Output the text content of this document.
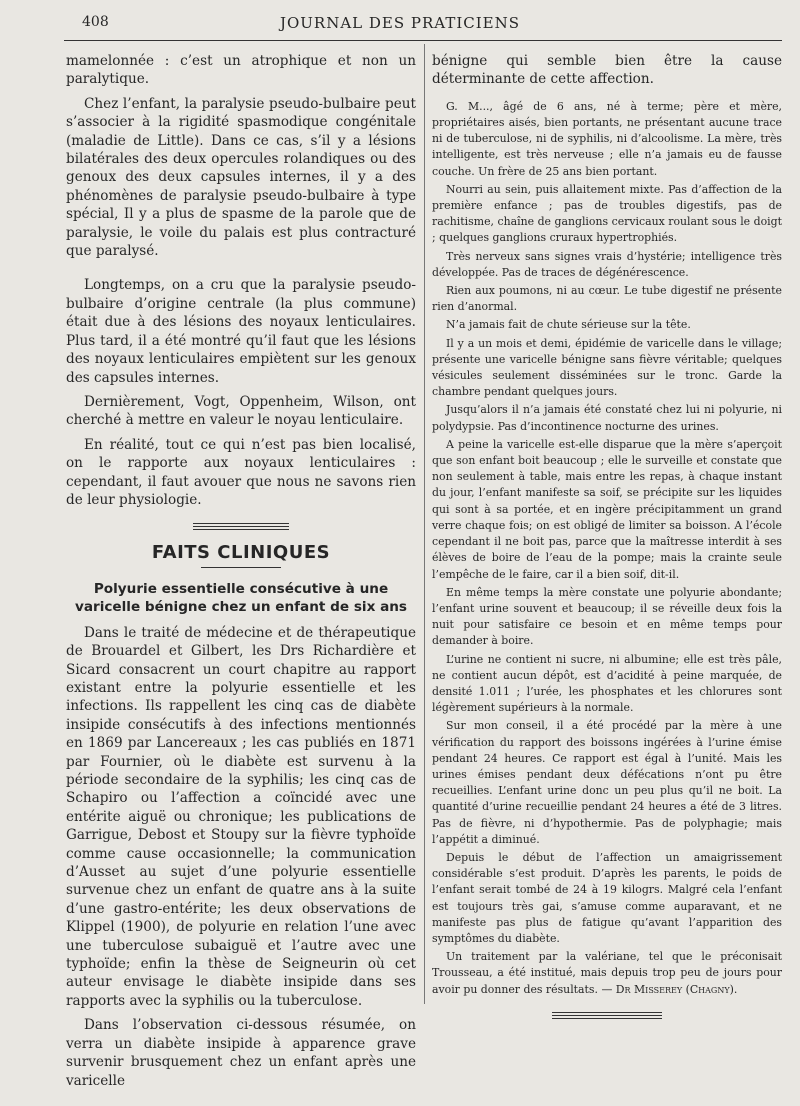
408	JOURNAL DES PRATICIENS

mamelonnée : c’est un atrophique et non un paralytique.

Chez l’enfant, la paralysie pseudo-bulbaire peut s’associer à la rigidité spasmodique congénitale (maladie de Little). Dans ce cas, s’il y a lésions bilatérales des deux opercules rolandiques ou des genoux des deux capsules internes, il y a des phénomènes de paralysie pseudo-bulbaire à type spécial, Il y a plus de spasme de la parole que de paralysie, le voile du palais est plus contracturé que paralysé.

Longtemps, on a cru que la paralysie pseudo-bulbaire d’origine centrale (la plus commune) était due à des lésions des noyaux lenticulaires. Plus tard, il a été montré qu’il faut que les lésions des noyaux lenticulaires empiètent sur les genoux des capsules internes.

Dernièrement, Vogt, Oppenheim, Wilson, ont cherché à mettre en valeur le noyau lenticulaire.

En réalité, tout ce qui n’est pas bien localisé, on le rapporte aux noyaux lenticulaires : cependant, il faut avouer que nous ne savons rien de leur physiologie.

FAITS CLINIQUES
Polyurie essentielle consécutive à une varicelle bénigne chez un enfant de six ans

Dans le traité de médecine et de thérapeutique de Brouardel et Gilbert, les Drs Richardière et Sicard consacrent un court chapitre au rapport existant entre la polyurie essentielle et les infections. Ils rappellent les cinq cas de diabète insipide consécutifs à des infections mentionnés en 1869 par Lancereaux ; les cas publiés en 1871 par Fournier, où le diabète est survenu à la période secondaire de la syphilis; les cinq cas de Schapiro ou l’affection a coïncidé avec une entérite aiguë ou chronique; les publications de Garrigue, Debost et Stoupy sur la fièvre typhoïde comme cause occasionnelle; la communication d’Ausset au sujet d’une polyurie essentielle survenue chez un enfant de quatre ans à la suite d’une gastro-entérite; les deux observations de Klippel (1900), de polyurie en relation l’une avec une tuberculose subaiguë et l’autre avec une typhoïde; enfin la thèse de Seigneurin où cet auteur envisage le diabète insipide dans ses rapports avec la syphilis ou la tuberculose.

Dans l’observation ci-dessous résumée, on verra un diabète insipide à apparence grave survenir brusquement chez un enfant après une varicelle

bénigne qui semble bien être la cause déterminante de cette affection.

G. M..., âgé de 6 ans, né à terme; père et mère, propriétaires aisés, bien portants, ne présentant aucune trace ni de tuberculose, ni de syphilis, ni d’alcoolisme. La mère, très intelligente, est très nerveuse ; elle n’a jamais eu de fausse couche. Un frère de 25 ans bien portant.

Nourri au sein, puis allaitement mixte. Pas d’affection de la première enfance ; pas de troubles digestifs, pas de rachitisme, chaîne de ganglions cervicaux roulant sous le doigt ; quelques ganglions cruraux hypertrophiés.

Très nerveux sans signes vrais d’hystérie; intelligence très développée. Pas de traces de dégénérescence.

Rien aux poumons, ni au cœur. Le tube digestif ne présente rien d’anormal.

N’a jamais fait de chute sérieuse sur la tête.

Il y a un mois et demi, épidémie de varicelle dans le village; présente une varicelle bénigne sans fièvre véritable; quelques vésicules seulement disséminées sur le tronc. Garde la chambre pendant quelques jours.

Jusqu’alors il n’a jamais été constaté chez lui ni polyurie, ni polydypsie. Pas d’incontinence nocturne des urines.

A peine la varicelle est-elle disparue que la mère s’aperçoit que son enfant boit beaucoup ; elle le surveille et constate que non seulement à table, mais entre les repas, à chaque instant du jour, l’enfant manifeste sa soif, se précipite sur les liquides qui sont à sa portée, et en ingère précipitamment un grand verre chaque fois; on est obligé de limiter sa boisson. A l’école cependant il ne boit pas, parce que la maîtresse interdit à ses élèves de boire de l’eau de la pompe; mais la crainte seule l’empêche de le faire, car il a bien soif, dit-il.

En même temps la mère constate une polyurie abondante; l’enfant urine souvent et beaucoup; il se réveille deux fois la nuit pour satisfaire ce besoin et en même temps pour demander à boire.

L’urine ne contient ni sucre, ni albumine; elle est très pâle, ne contient aucun dépôt, est d’acidité à peine marquée, de densité 1.011 ; l’urée, les phosphates et les chlorures sont légèrement supérieurs à la normale.

Sur mon conseil, il a été procédé par la mère à une vérification du rapport des boissons ingérées à l’urine émise pendant 24 heures. Ce rapport est égal à l’unité. Mais les urines émises pendant deux défécations n’ont pu être recueillies. L’enfant urine donc un peu plus qu’il ne boit. La quantité d’urine recueillie pendant 24 heures a été de 3 litres. Pas de fièvre, ni d’hypothermie. Pas de polyphagie; mais l’appétit a diminué.

Depuis le début de l’affection un amaigrissement considérable s’est produit. D’après les parents, le poids de l’enfant serait tombé de 24 à 19 kilogrs. Malgré cela l’enfant est toujours très gai, s’amuse comme auparavant, et ne manifeste pas plus de fatigue qu’avant l’apparition des symptômes du diabète.

Un traitement par la valériane, tel que le préconisait Trousseau, a été institué, mais depuis trop peu de jours pour avoir pu donner des résultats. — Dr Misserey (Chagny).
